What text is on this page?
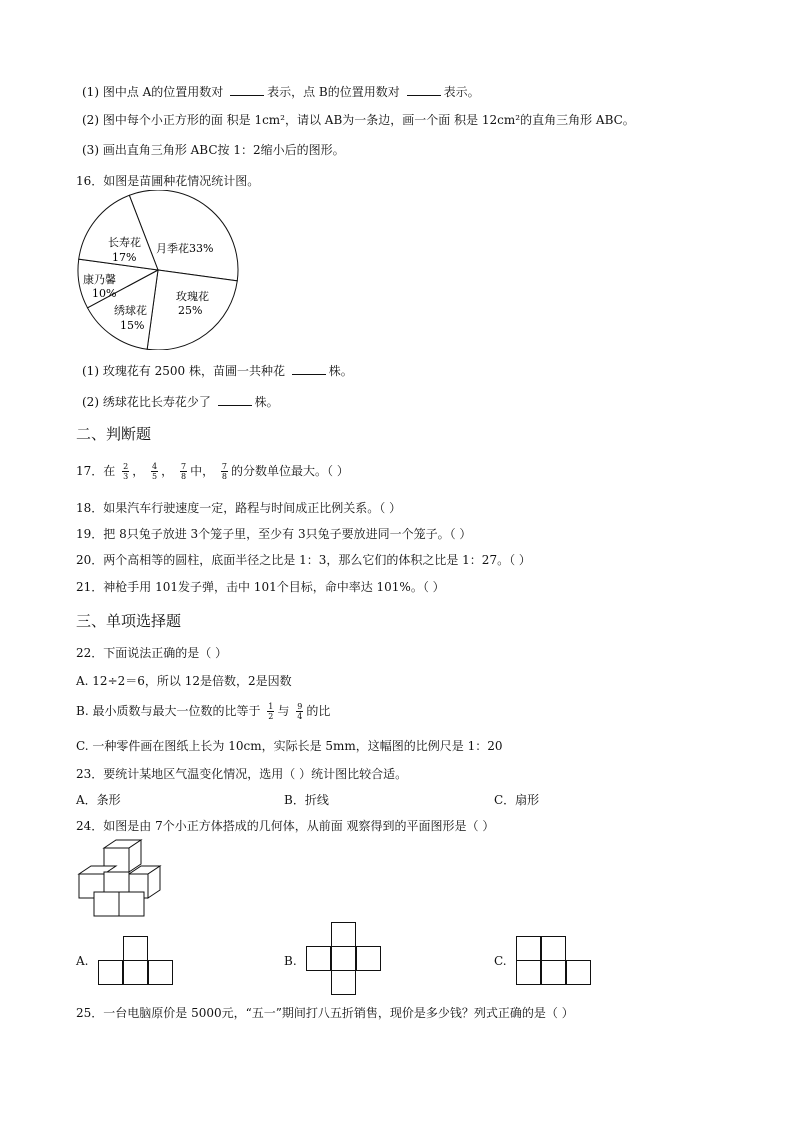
(1) 图中点 A的位置用数对	表示，点 B的位置用数对	表示。
(2) 图中每个小正方形的面 积是 1cm²，请以 AB为一条边，画一个面 积是 12cm²的直角三角形 ABC。
(3) 画出直角三角形 ABC按 1：2缩小后的图形。
16．如图是苗圃种花情况统计图。
长寿花
17%
月季花33%
康乃馨
10%	玫瑰花
25%
绣球花
15%
(1) 玫瑰花有 2500 株，苗圃一共种花	株。
(2) 绣球花比长寿花少了	株。
二、判断题
17．在 $\frac{2}{3}$ ， $\frac{4}{5}$ ， $\frac{7}{8}$ 中， $\frac{7}{8}$ 的分数单位最大。（ ）
18．如果汽车行驶速度一定，路程与时间成正比例关系。（ ）
19．把 8只兔子放进 3个笼子里，至少有 3只兔子要放进同一个笼子。（ ）
20．两个高相等的圆柱，底面半径之比是 1：3，那么它们的体积之比是 1：27。（ ）
21．神枪手用 101发子弹，击中 101个目标，命中率达 101%。（ ）
三、单项选择题
22．下面说法正确的是（ ）
A. 12÷2＝6，所以 12是倍数，2是因数
B. 最小质数与最大一位数的比等于 $\frac{1}{2}$ 与 $\frac{9}{4}$ 的比
C. 一种零件画在图纸上长为 10cm，实际长是 5mm，这幅图的比例尺是 1：20
23．要统计某地区气温变化情况，选用（ ）统计图比较合适。
A．条形	B．折线	C．扇形
24．如图是由 7个小正方体搭成的几何体，从前面 观察得到的平面图形是（ ）
A.	B.	C.
25．一台电脑原价是 5000元，“五一”期间打八五折销售，现价是多少钱？列式正确的是（ ）
